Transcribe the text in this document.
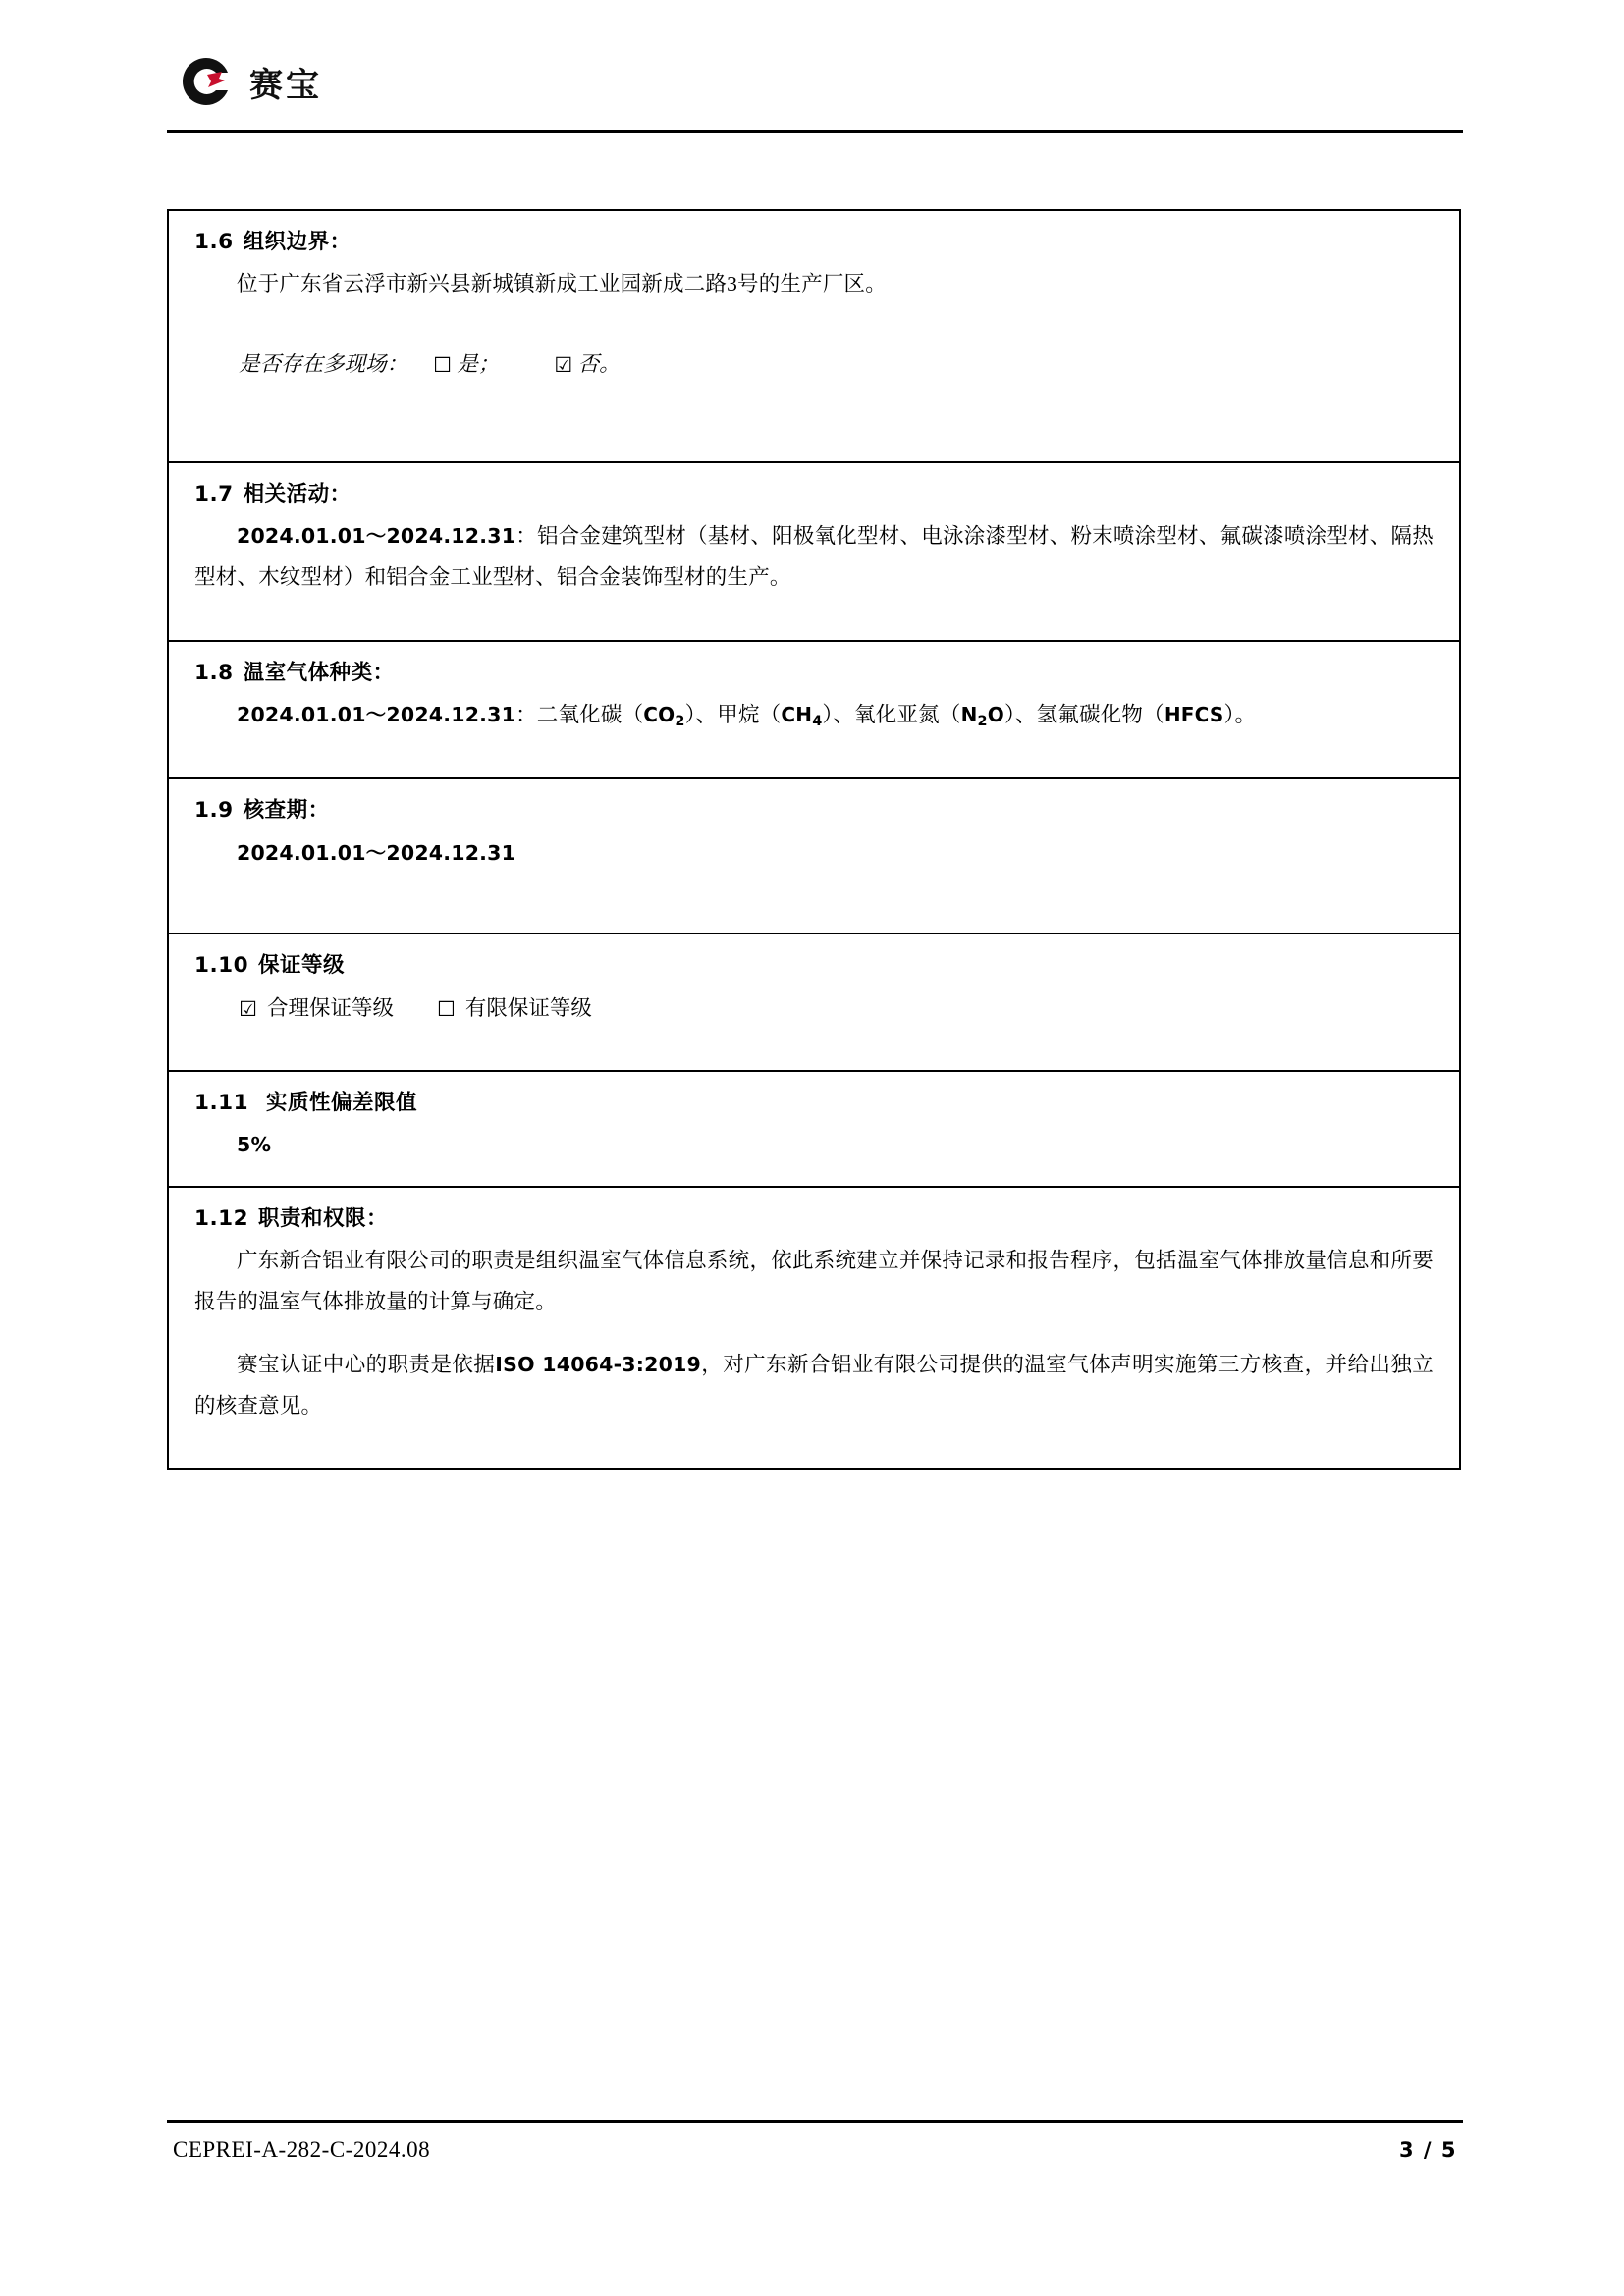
赛宝

1.6 组织边界：

位于广东省云浮市新兴县新城镇新成工业园新成二路3号的生产厂区。

是否存在多现场： ☐ 是；	☑ 否。

1.7 相关活动：

2024.01.01～2024.12.31：铝合金建筑型材（基材、阳极氧化型材、电泳涂漆型材、粉末喷涂型材、氟碳漆喷涂型材、隔热型材、木纹型材）和铝合金工业型材、铝合金装饰型材的生产。

1.8 温室气体种类：

2024.01.01～2024.12.31：二氧化碳$(CO_2)$、甲烷$(CH_4)$、氧化亚氮$(N_2O)$、氢氟碳化物（HFCS）。

1.9 核查期：

2024.01.01～2024.12.31

1.10 保证等级

☑ 合理保证等级 ☐ 有限保证等级

1.11 实质性偏差限值

5%

1.12 职责和权限：

广东新合铝业有限公司的职责是组织温室气体信息系统，依此系统建立并保持记录和报告程序，包括温室气体排放量信息和所要报告的温室气体排放量的计算与确定。

赛宝认证中心的职责是依据ISO 14064-3:2019，对广东新合铝业有限公司提供的温室气体声明实施第三方核查，并给出独立的核查意见。

CEPREI-A-282-C-2024.08	3 / 5
